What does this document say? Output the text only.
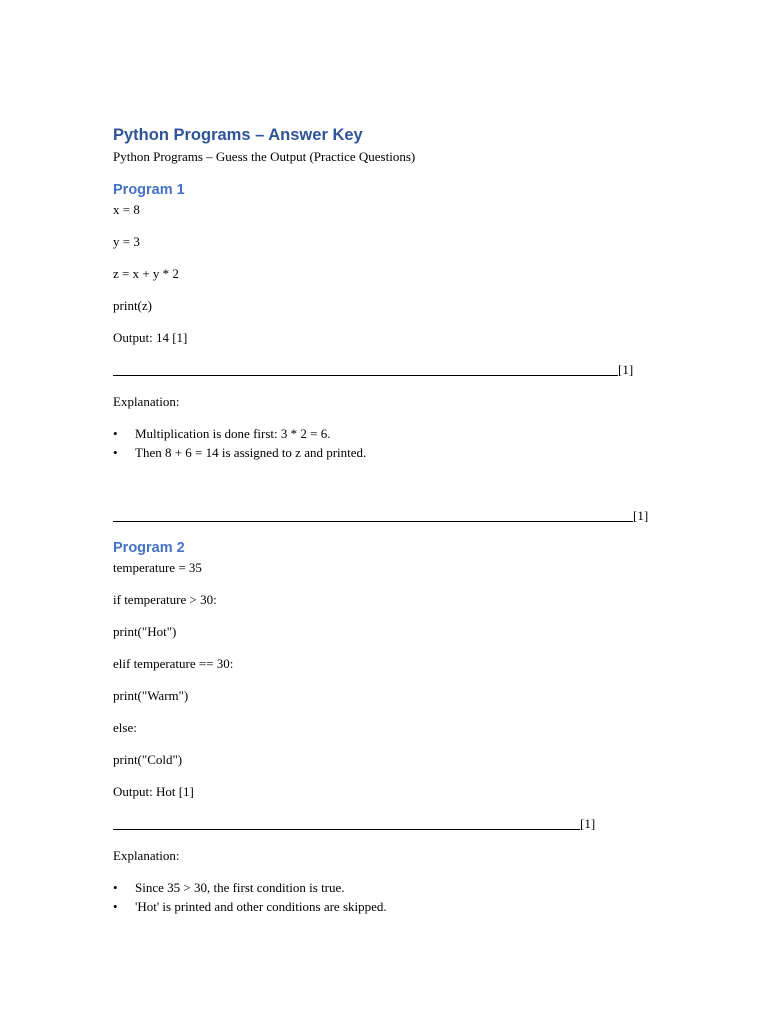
Python Programs – Answer Key
Python Programs – Guess the Output (Practice Questions)
Program 1
x = 8
y = 3
z = x + y * 2
print(z)
Output: 14 [1]
[1]
Explanation:
• Multiplication is done first: 3 * 2 = 6.
• Then 8 + 6 = 14 is assigned to z and printed.
[1]
Program 2
temperature = 35
if temperature > 30:
print("Hot")
elif temperature == 30:
print("Warm")
else:
print("Cold")
Output: Hot [1]
[1]
Explanation:
• Since 35 > 30, the first condition is true.
• 'Hot' is printed and other conditions are skipped.
